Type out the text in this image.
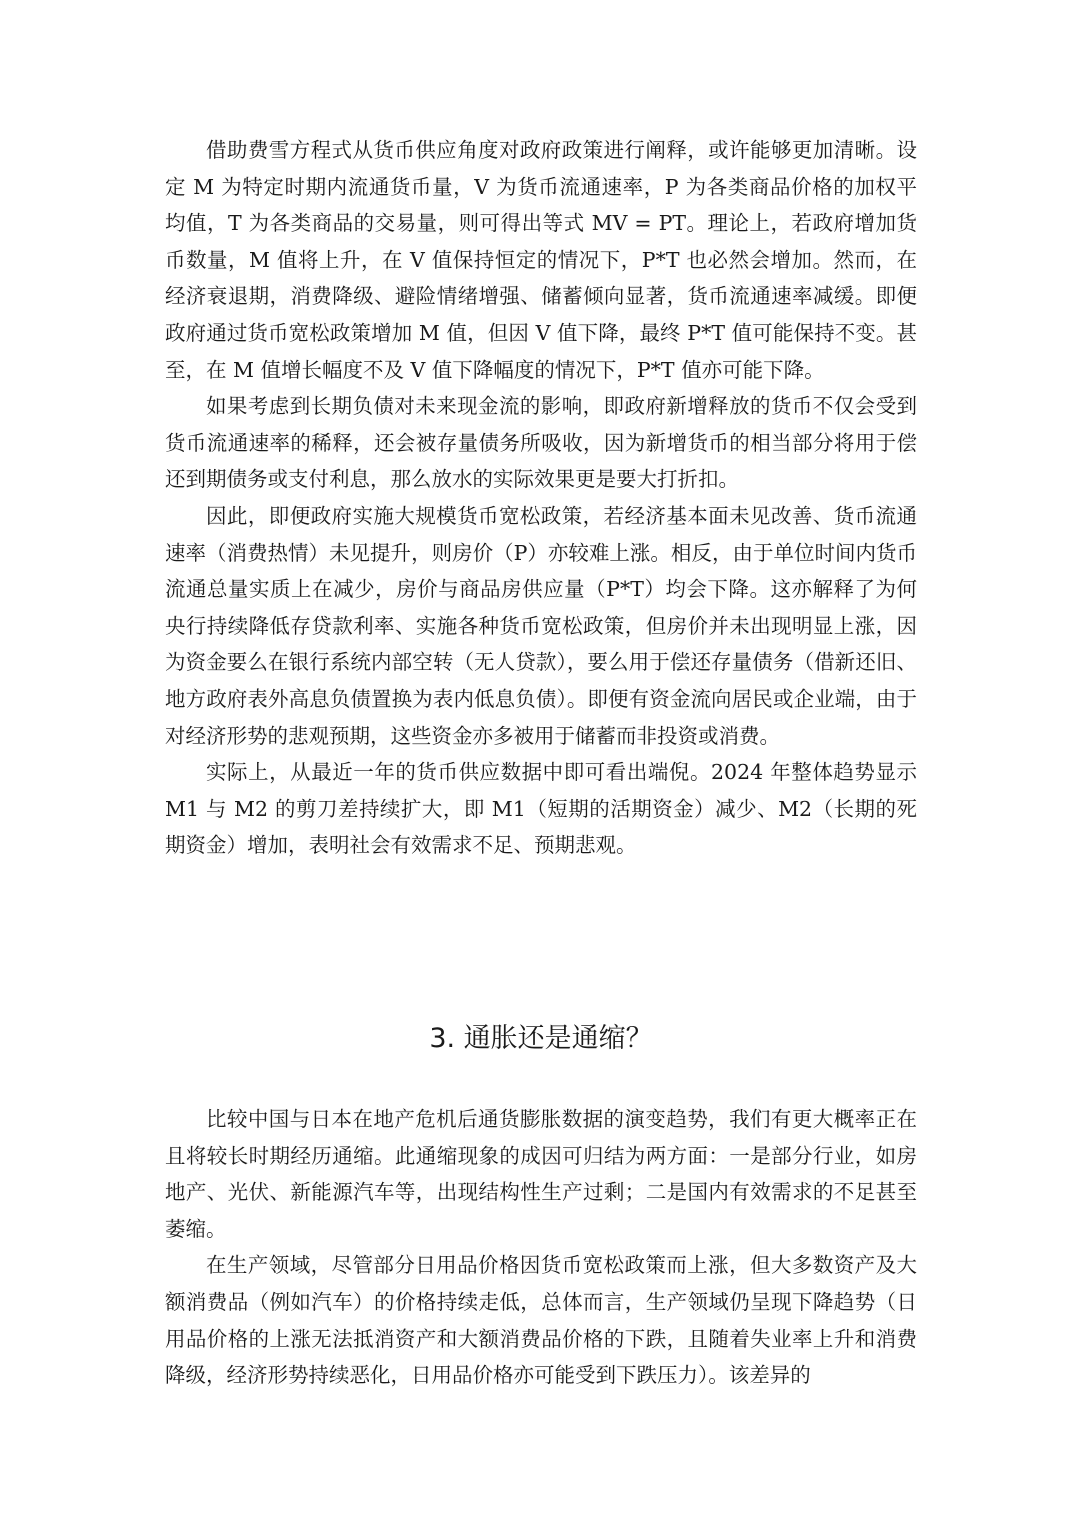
借助费雪方程式从货币供应角度对政府政策进行阐释，或许能够更加清晰。设定 M 为特定时期内流通货币量，V 为货币流通速率，P 为各类商品价格的加权平均值，T 为各类商品的交易量，则可得出等式 MV = PT。理论上，若政府增加货币数量，M 值将上升，在 V 值保持恒定的情况下，P*T 也必然会增加。然而，在经济衰退期，消费降级、避险情绪增强、储蓄倾向显著，货币流通速率减缓。即便政府通过货币宽松政策增加 M 值，但因 V 值下降，最终 P*T 值可能保持不变。甚至，在 M 值增长幅度不及 V 值下降幅度的情况下，P*T 值亦可能下降。

如果考虑到长期负债对未来现金流的影响，即政府新增释放的货币不仅会受到货币流通速率的稀释，还会被存量债务所吸收，因为新增货币的相当部分将用于偿还到期债务或支付利息，那么放水的实际效果更是要大打折扣。

因此，即便政府实施大规模货币宽松政策，若经济基本面未见改善、货币流通速率（消费热情）未见提升，则房价（P）亦较难上涨。相反，由于单位时间内货币流通总量实质上在减少，房价与商品房供应量（P*T）均会下降。这亦解释了为何央行持续降低存贷款利率、实施各种货币宽松政策，但房价并未出现明显上涨，因为资金要么在银行系统内部空转（无人贷款），要么用于偿还存量债务（借新还旧、地方政府表外高息负债置换为表内低息负债）。即便有资金流向居民或企业端，由于对经济形势的悲观预期，这些资金亦多被用于储蓄而非投资或消费。

实际上，从最近一年的货币供应数据中即可看出端倪。2024 年整体趋势显示 M1 与 M2 的剪刀差持续扩大，即 M1（短期的活期资金）减少、M2（长期的死期资金）增加，表明社会有效需求不足、预期悲观。

3. 通胀还是通缩？

比较中国与日本在地产危机后通货膨胀数据的演变趋势，我们有更大概率正在且将较长时期经历通缩。此通缩现象的成因可归结为两方面：一是部分行业，如房地产、光伏、新能源汽车等，出现结构性生产过剩；二是国内有效需求的不足甚至萎缩。

在生产领域，尽管部分日用品价格因货币宽松政策而上涨，但大多数资产及大额消费品（例如汽车）的价格持续走低，总体而言，生产领域仍呈现下降趋势（日用品价格的上涨无法抵消资产和大额消费品价格的下跌，且随着失业率上升和消费降级，经济形势持续恶化，日用品价格亦可能受到下跌压力）。该差异的
